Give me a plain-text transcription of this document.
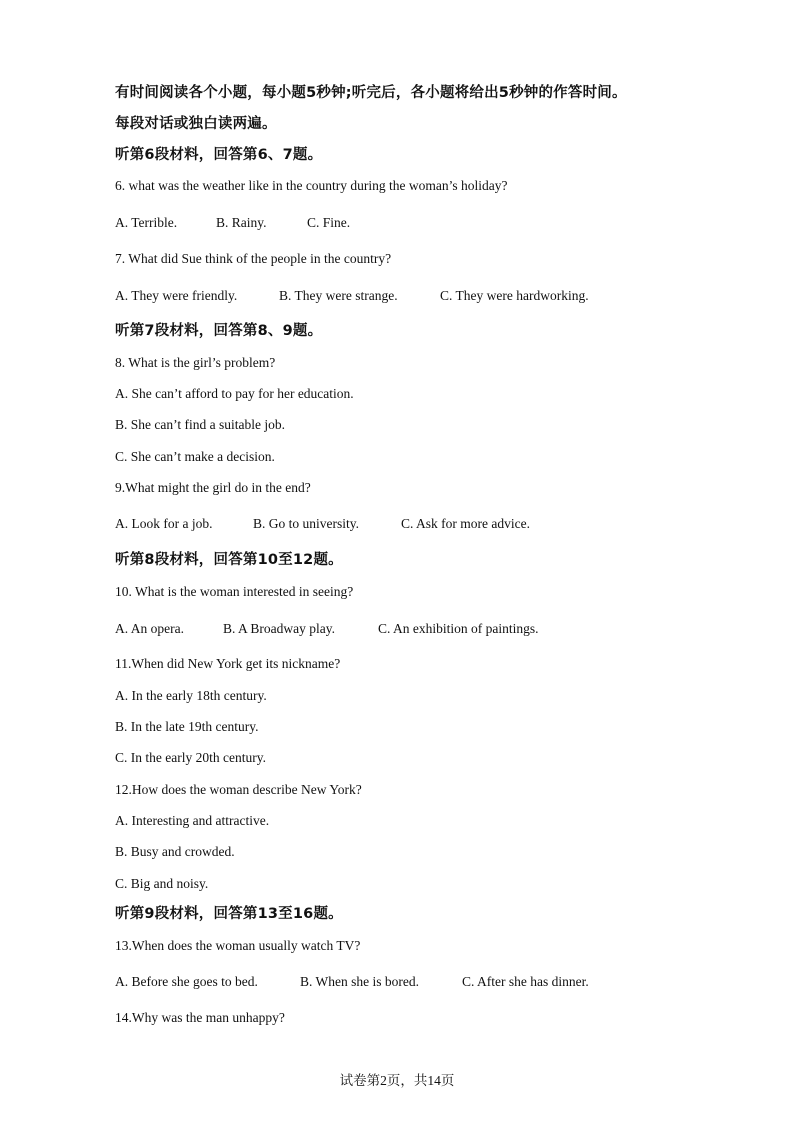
有时间阅读各个小题，每小题5秒钟;听完后，各小题将给出5秒钟的作答时间。
每段对话或独白读两遍。
听第6段材料，回答第6、7题。
6. what was the weather like in the country during the woman’s holiday?
A. Terrible.	B. Rainy.	C. Fine.
7. What did Sue think of the people in the country?
A. They were friendly.	B. They were strange.	C. They were hardworking.
听第7段材料，回答第8、9题。
8. What is the girl’s problem?
A. She can’t afford to pay for her education.
B. She can’t find a suitable job.
C. She can’t make a decision.
9.What might the girl do in the end?
A. Look for a job.	B. Go to university.	C. Ask for more advice.
听第8段材料，回答第10至12题。
10. What is the woman interested in seeing?
A. An opera.	B. A Broadway play.	C. An exhibition of paintings.
11.When did New York get its nickname?
A. In the early 18th century.
B. In the late 19th century.
C. In the early 20th century.
12.How does the woman describe New York?
A. Interesting and attractive.
B. Busy and crowded.
C. Big and noisy.
听第9段材料，回答第13至16题。
13.When does the woman usually watch TV?
A. Before she goes to bed.	B. When she is bored.	C. After she has dinner.
14.Why was the man unhappy?
试卷第2页，共14页
